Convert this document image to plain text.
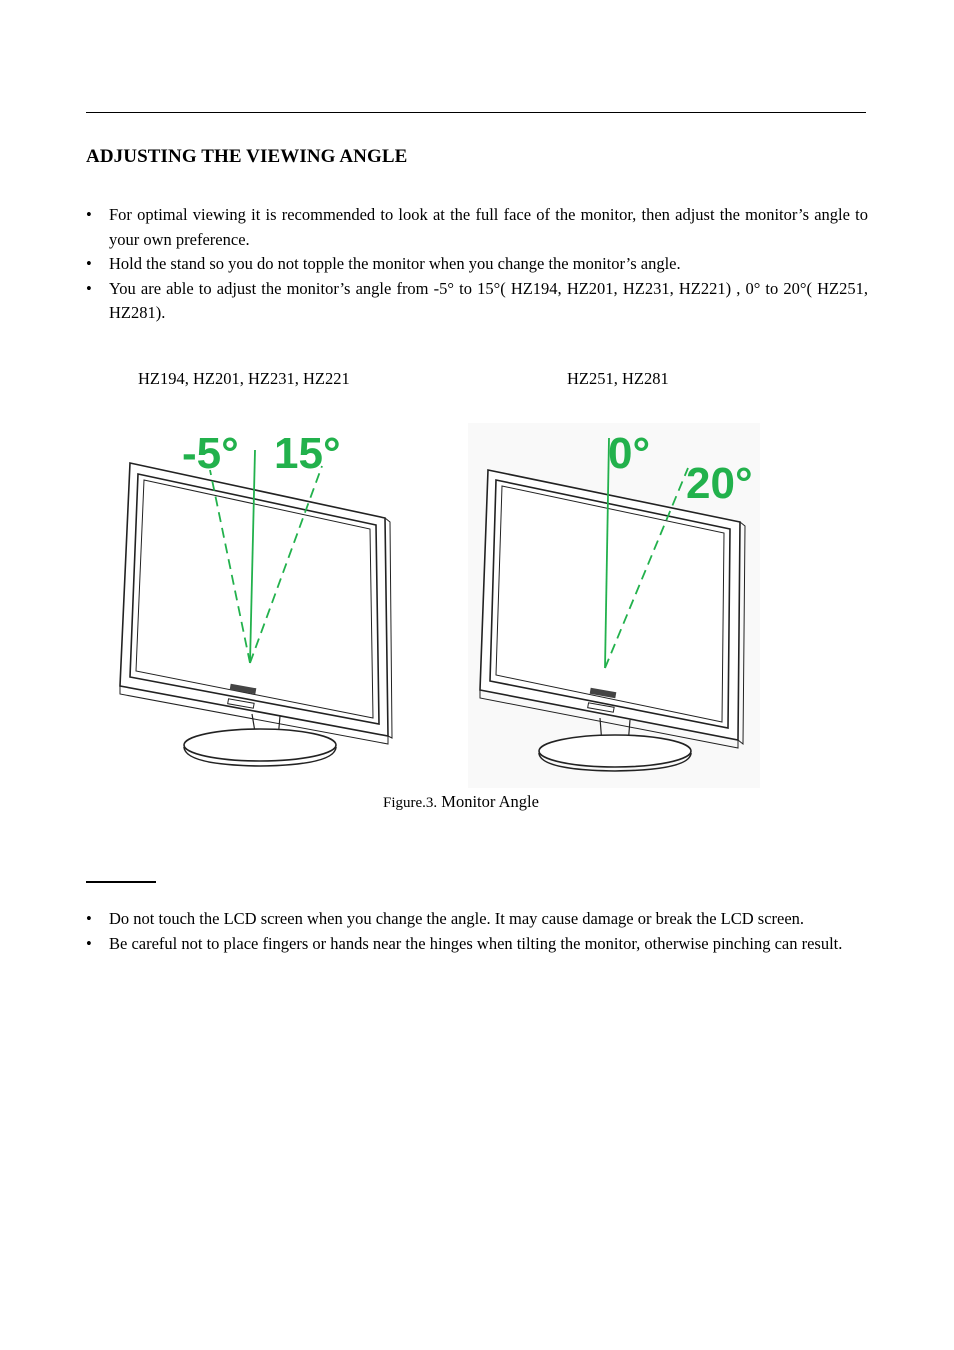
ADJUSTING THE VIEWING ANGLE
• For optimal viewing it is recommended to look at the full face of the monitor, then adjust the monitor’s angle to your own preference.
• Hold the stand so you do not topple the monitor when you change the monitor’s angle.
• You are able to adjust the monitor’s angle from -5° to 15°( HZ194, HZ201, HZ231, HZ221) , 0° to 20°( HZ251, HZ281).
HZ194, HZ201, HZ231, HZ221	HZ251, HZ281
-5° 15°	0°
20°
Figure.3. Monitor Angle
• Do not touch the LCD screen when you change the angle. It may cause damage or break the LCD screen.
• Be careful not to place fingers or hands near the hinges when tilting the monitor, otherwise pinching can result.
